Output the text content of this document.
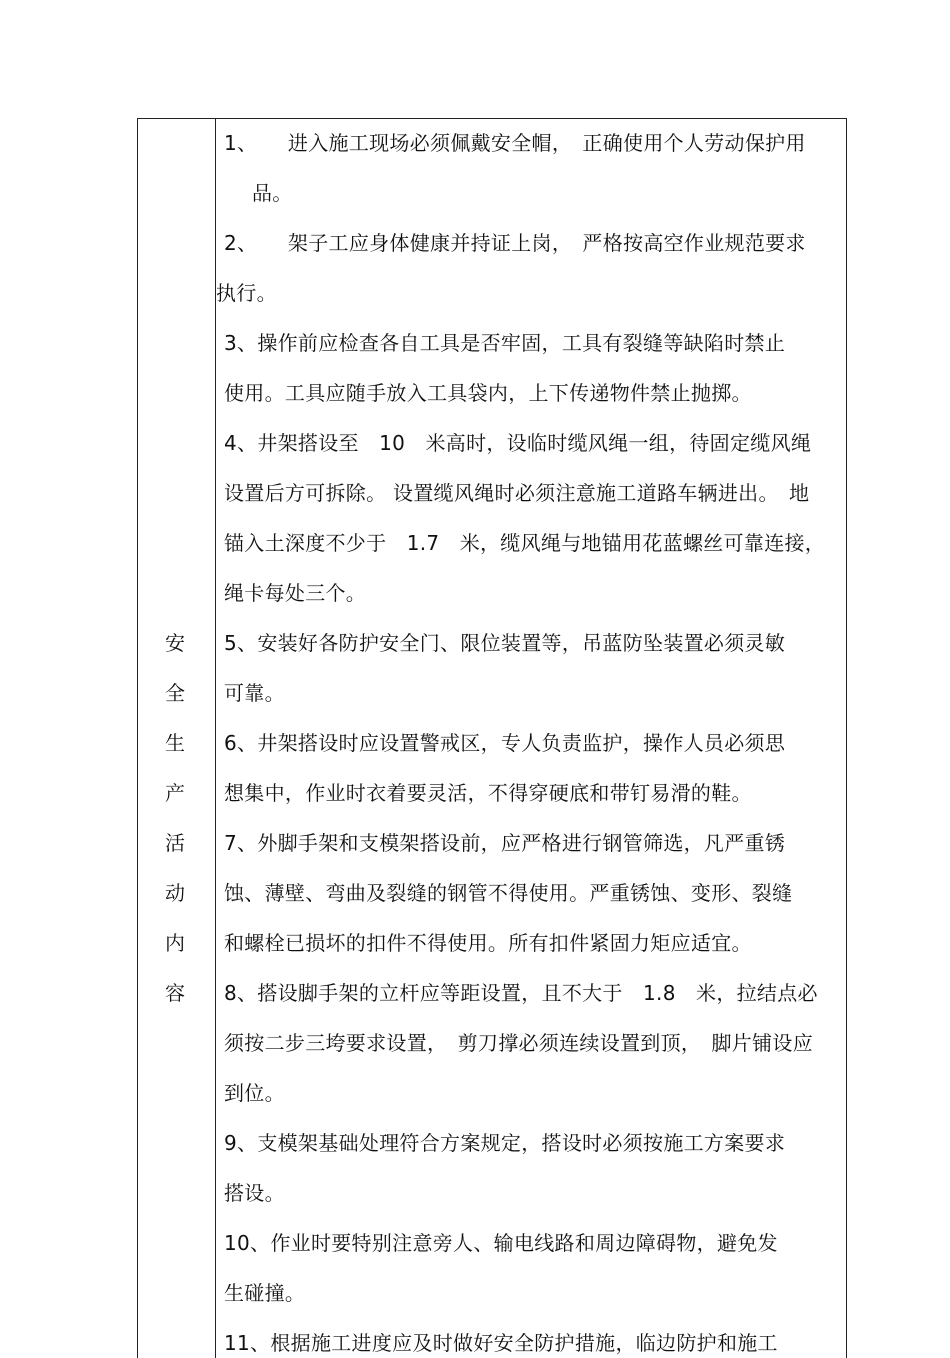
安
全
生
产
活
动
内
容
1、　　进入施工现场必须佩戴安全帽，　正确使用个人劳动保护用
品。
2、　　架子工应身体健康并持证上岗，　严格按高空作业规范要求
执行。
3、操作前应检查各自工具是否牢固，工具有裂缝等缺陷时禁止
使用。工具应随手放入工具袋内，上下传递物件禁止抛掷。
4、井架搭设至　10　米高时，设临时缆风绳一组，待固定缆风绳
设置后方可拆除。 设置缆风绳时必须注意施工道路车辆进出。　地
锚入土深度不少于　1.7　米，缆风绳与地锚用花蓝螺丝可靠连接，
绳卡每处三个。
5、安装好各防护安全门、限位装置等，吊蓝防坠装置必须灵敏
可靠。
6、井架搭设时应设置警戒区，专人负责监护，操作人员必须思
想集中，作业时衣着要灵活，不得穿硬底和带钉易滑的鞋。
7、外脚手架和支模架搭设前，应严格进行钢管筛选，凡严重锈
蚀、薄壁、弯曲及裂缝的钢管不得使用。严重锈蚀、变形、裂缝
和螺栓已损坏的扣件不得使用。所有扣件紧固力矩应适宜。
8、搭设脚手架的立杆应等距设置，且不大于　1.8　米，拉结点必
须按二步三垮要求设置，　剪刀撑必须连续设置到顶，　脚片铺设应
到位。
9、支模架基础处理符合方案规定，搭设时必须按施工方案要求
搭设。
10、作业时要特别注意旁人、输电线路和周边障碍物，避免发
生碰撞。
11、根据施工进度应及时做好安全防护措施，临边防护和施工
